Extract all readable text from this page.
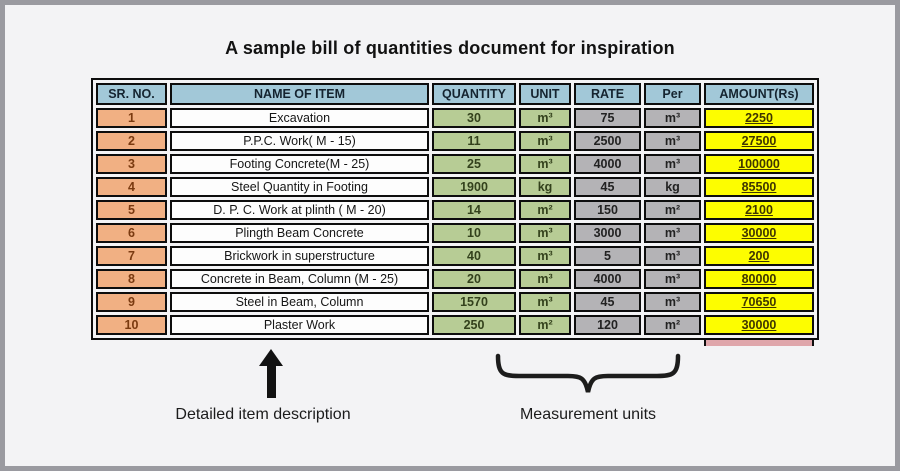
A sample bill of quantities document for inspiration
SR. NO.	NAME OF ITEM	QUANTITY	UNIT	RATE	Per	AMOUNT(Rs)
1	Excavation	30	m³	75	m³	2250
2	P.P.C. Work( M - 15)	11	m³	2500	m³	27500
3	Footing Concrete(M - 25)	25	m³	4000	m³	100000
4	Steel Quantity in Footing	1900	kg	45	kg	85500
5	D. P. C. Work at plinth ( M - 20)	14	m²	150	m²	2100
6	Plingth Beam Concrete	10	m³	3000	m³	30000
7	Brickwork in superstructure	40	m³	5	m³	200
8	Concrete in Beam, Column (M - 25)	20	m³	4000	m³	80000
9	Steel in Beam, Column	1570	m³	45	m³	70650
10	Plaster Work	250	m²	120	m²	30000
Detailed item description	Measurement units
